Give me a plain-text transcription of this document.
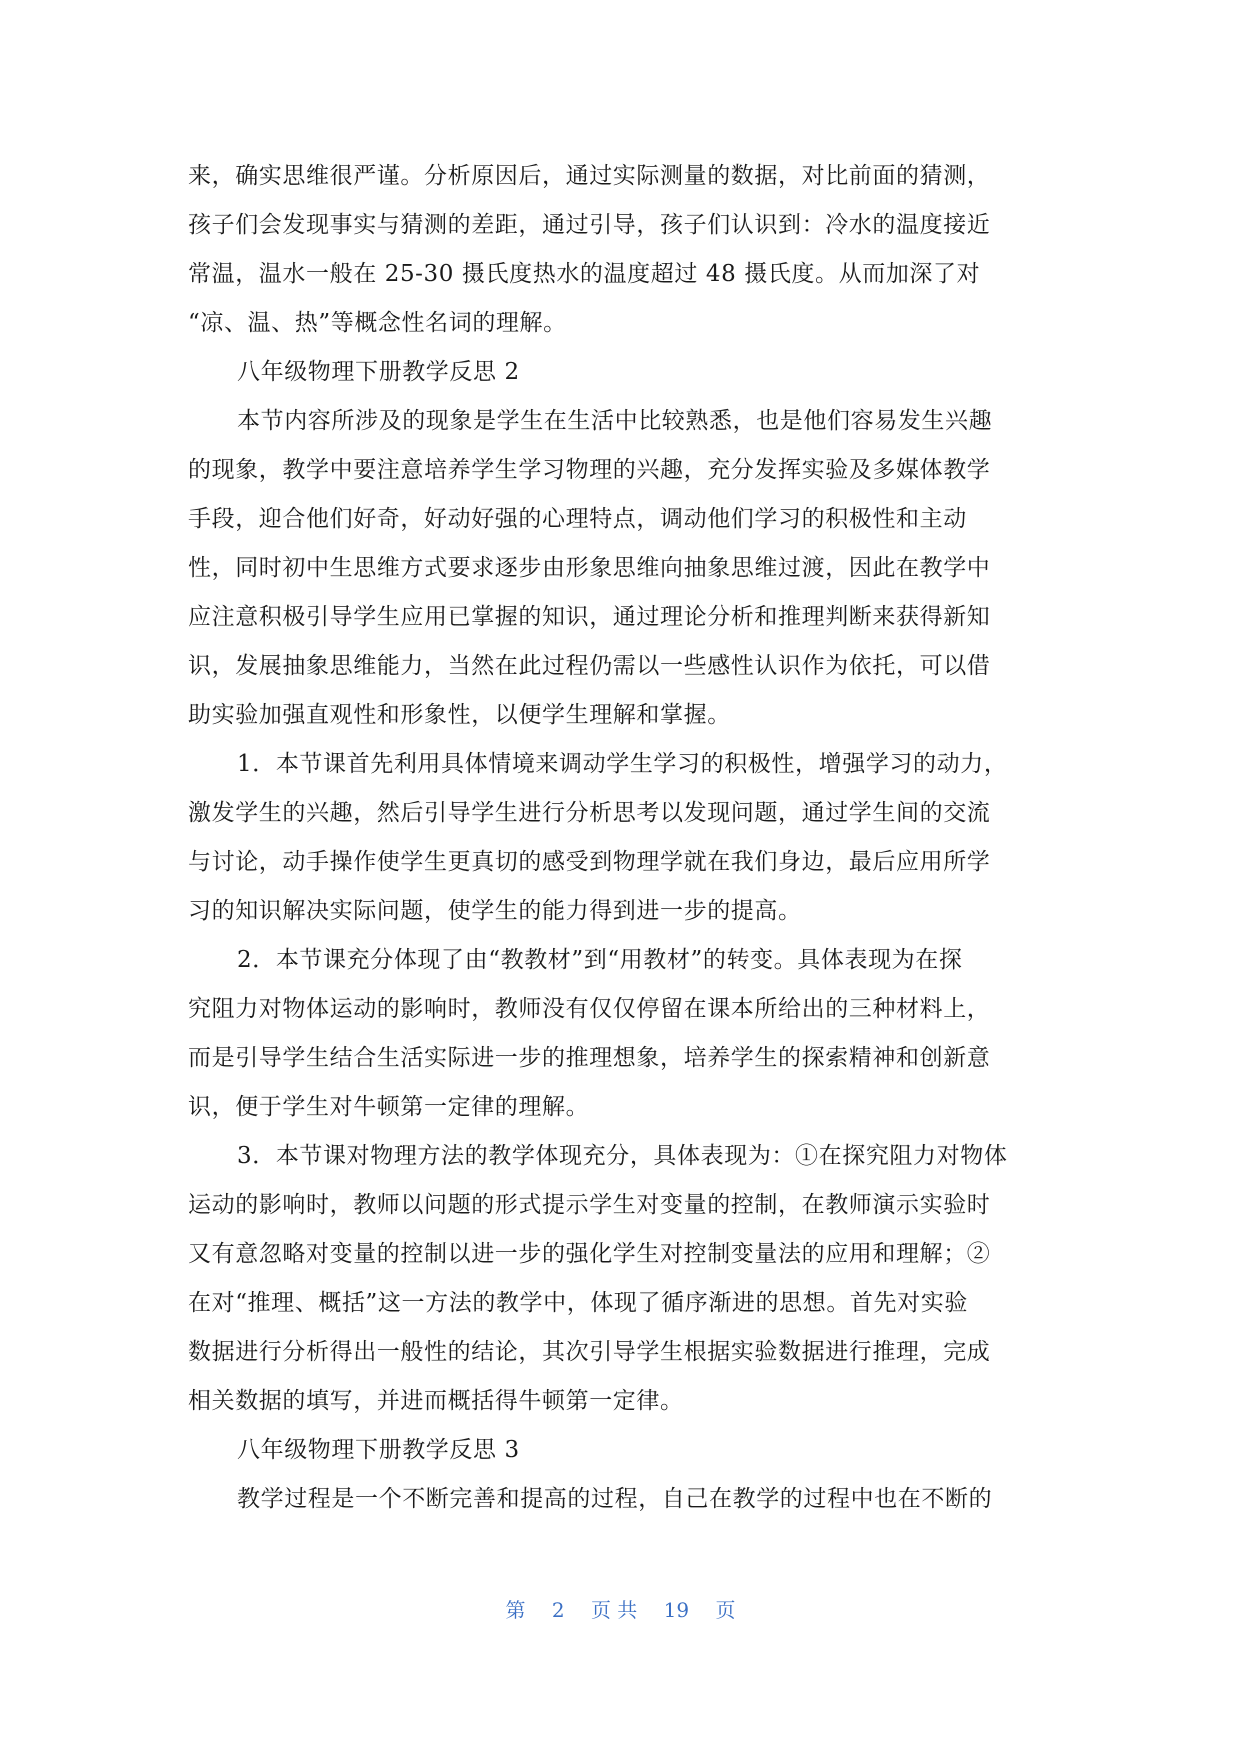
来，确实思维很严谨。分析原因后，通过实际测量的数据，对比前面的猜测，
孩子们会发现事实与猜测的差距，通过引导，孩子们认识到：冷水的温度接近
常温，温水一般在 25-30 摄氏度热水的温度超过 48 摄氏度。从而加深了对
“凉、温、热”等概念性名词的理解。
八年级物理下册教学反思 2
本节内容所涉及的现象是学生在生活中比较熟悉，也是他们容易发生兴趣
的现象，教学中要注意培养学生学习物理的兴趣，充分发挥实验及多媒体教学
手段，迎合他们好奇，好动好强的心理特点，调动他们学习的积极性和主动
性，同时初中生思维方式要求逐步由形象思维向抽象思维过渡，因此在教学中
应注意积极引导学生应用已掌握的知识，通过理论分析和推理判断来获得新知
识，发展抽象思维能力，当然在此过程仍需以一些感性认识作为依托，可以借
助实验加强直观性和形象性，以便学生理解和掌握。
1．本节课首先利用具体情境来调动学生学习的积极性，增强学习的动力，
激发学生的兴趣，然后引导学生进行分析思考以发现问题，通过学生间的交流
与讨论，动手操作使学生更真切的感受到物理学就在我们身边，最后应用所学
习的知识解决实际问题，使学生的能力得到进一步的提高。
2．本节课充分体现了由“教教材”到“用教材”的转变。具体表现为在探
究阻力对物体运动的影响时，教师没有仅仅停留在课本所给出的三种材料上，
而是引导学生结合生活实际进一步的推理想象，培养学生的探索精神和创新意
识，便于学生对牛顿第一定律的理解。
3．本节课对物理方法的教学体现充分，具体表现为：①在探究阻力对物体
运动的影响时，教师以问题的形式提示学生对变量的控制，在教师演示实验时
又有意忽略对变量的控制以进一步的强化学生对控制变量法的应用和理解；②
在对“推理、概括”这一方法的教学中，体现了循序渐进的思想。首先对实验
数据进行分析得出一般性的结论，其次引导学生根据实验数据进行推理，完成
相关数据的填写，并进而概括得牛顿第一定律。
八年级物理下册教学反思 3
教学过程是一个不断完善和提高的过程，自己在教学的过程中也在不断的
第 2 页 共 19 页
